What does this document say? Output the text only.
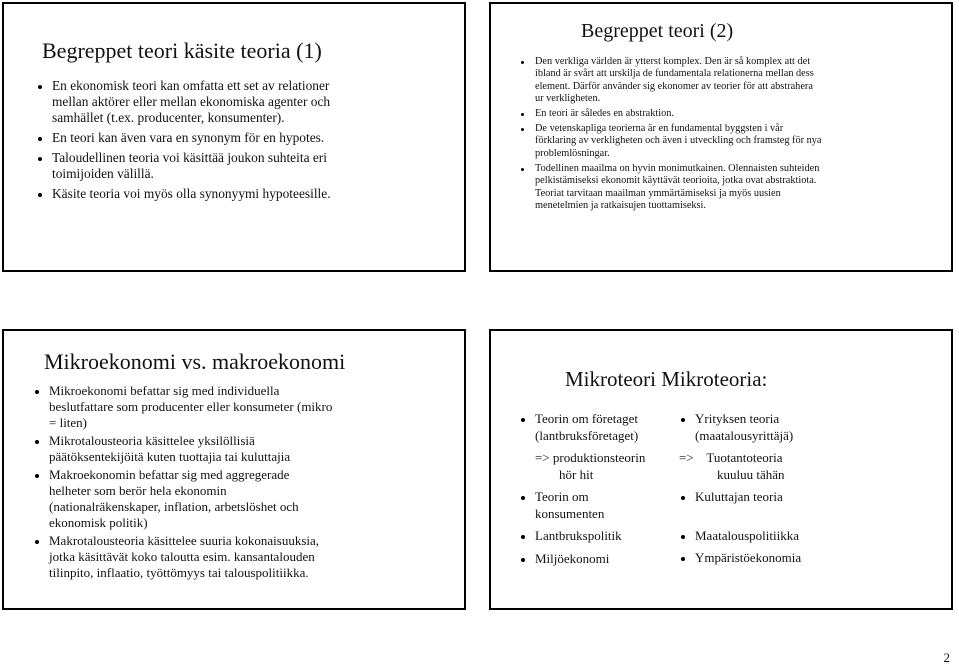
Begreppet teori käsite teoria (1)
En ekonomisk teori kan omfatta ett set av relationer mellan aktörer eller mellan ekonomiska agenter och samhället (t.ex. producenter, konsumenter).
En teori kan även vara en synonym för en hypotes.
Taloudellinen teoria voi käsittää joukon suhteita eri toimijoiden välillä.
Käsite teoria voi myös olla synonyymi hypoteesille.
Begreppet teori (2)
Den verkliga världen är ytterst komplex. Den är så komplex att det ibland är svårt att urskilja de fundamentala relationerna mellan dess element. Därför använder sig ekonomer av teorier för att abstrahera ur verkligheten.
En teori är således en abstraktion.
De vetenskapliga teorierna är en fundamental byggsten i vår förklaring av verkligheten och även i utveckling och framsteg för nya problemlösningar.
Todellinen maailma on hyvin monimutkainen. Olennaisten suhteiden pelkistämiseksi ekonomit käyttävät teorioita, jotka ovat abstraktiota. Teoriat tarvitaan maailman ymmärtämiseksi ja myös uusien menetelmien ja ratkaisujen tuottamiseksi.
Mikroekonomi vs. makroekonomi
Mikroekonomi befattar sig med individuella beslutfattare som producenter eller konsumeter (mikro = liten)
Mikrotalousteoria käsittelee yksilöllisiä päätöksentekijöitä kuten tuottajia tai kuluttajia
Makroekonomin befattar sig med aggregerade helheter som berör hela ekonomin (nationalräkenskaper, inflation, arbetslöshet och ekonomisk politik)
Makrotalousteoria käsittelee suuria kokonaisuuksia, jotka käsittävät koko taloutta esim. kansantalouden tilinpito, inflaatio, työttömyys tai talouspolitiikka.
Mikroteori Mikroteoria:
Teorin om företaget
(lantbruksföretaget)
=> produktionsteorin
hör hit
Teorin om
konsumenten
Lantbrukspolitik
Miljöekonomi
Yrityksen teoria
(maatalousyrittäjä)
=>    Tuotantoteoria
kuuluu tähän
Kuluttajan teoria
Maatalouspolitiikka
Ympäristöekonomia
2
